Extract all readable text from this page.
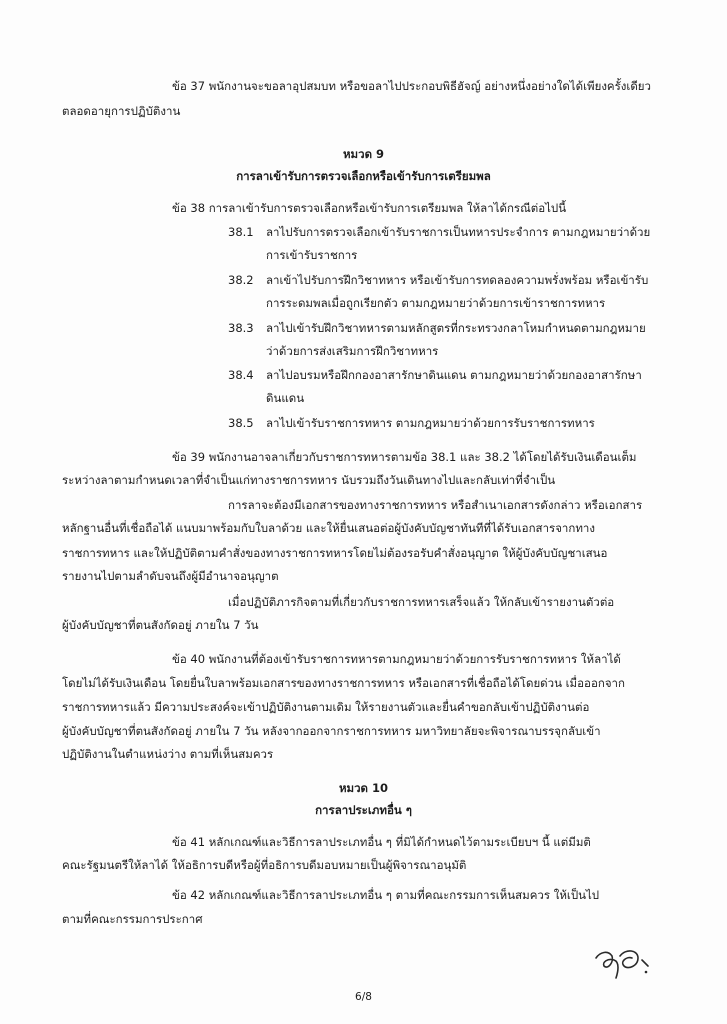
ข้อ 37 พนักงานจะขอลาอุปสมบท หรือขอลาไปประกอบพิธีฮัจญ์ อย่างหนึ่งอย่างใดได้เพียงครั้งเดียว
ตลอดอายุการปฏิบัติงาน
หมวด 9
การลาเข้ารับการตรวจเลือกหรือเข้ารับการเตรียมพล
ข้อ 38 การลาเข้ารับการตรวจเลือกหรือเข้ารับการเตรียมพล ให้ลาได้กรณีต่อไปนี้
38.1 ลาไปรับการตรวจเลือกเข้ารับราชการเป็นทหารประจำการ ตามกฎหมายว่าด้วย
การเข้ารับราชการ
38.2 ลาเข้าไปรับการฝึกวิชาทหาร หรือเข้ารับการทดลองความพรั่งพร้อม หรือเข้ารับ
การระดมพลเมื่อถูกเรียกตัว ตามกฎหมายว่าด้วยการเข้าราชการทหาร
38.3 ลาไปเข้ารับฝึกวิชาทหารตามหลักสูตรที่กระทรวงกลาโหมกำหนดตามกฎหมาย
ว่าด้วยการส่งเสริมการฝึกวิชาทหาร
38.4 ลาไปอบรมหรือฝึกกองอาสารักษาดินแดน ตามกฎหมายว่าด้วยกองอาสารักษา
ดินแดน
38.5 ลาไปเข้ารับราชการทหาร ตามกฎหมายว่าด้วยการรับราชการทหาร
ข้อ 39 พนักงานอาจลาเกี่ยวกับราชการทหารตามข้อ 38.1 และ 38.2 ได้โดยได้รับเงินเดือนเต็ม
ระหว่างลาตามกำหนดเวลาที่จำเป็นแก่ทางราชการทหาร นับรวมถึงวันเดินทางไปและกลับเท่าที่จำเป็น
การลาจะต้องมีเอกสารของทางราชการทหาร หรือสำเนาเอกสารดังกล่าว หรือเอกสาร
หลักฐานอื่นที่เชื่อถือได้ แนบมาพร้อมกับใบลาด้วย และให้ยื่นเสนอต่อผู้บังคับบัญชาทันทีที่ได้รับเอกสารจากทาง
ราชการทหาร และให้ปฏิบัติตามคำสั่งของทางราชการทหารโดยไม่ต้องรอรับคำสั่งอนุญาต ให้ผู้บังคับบัญชาเสนอ
รายงานไปตามลำดับจนถึงผู้มีอำนาจอนุญาต
เมื่อปฏิบัติภารกิจตามที่เกี่ยวกับราชการทหารเสร็จแล้ว ให้กลับเข้ารายงานตัวต่อ
ผู้บังคับบัญชาที่ตนสังกัดอยู่ ภายใน 7 วัน
ข้อ 40 พนักงานที่ต้องเข้ารับราชการทหารตามกฎหมายว่าด้วยการรับราชการทหาร ให้ลาได้
โดยไม่ได้รับเงินเดือน โดยยื่นใบลาพร้อมเอกสารของทางราชการทหาร หรือเอกสารที่เชื่อถือได้โดยด่วน เมื่อออกจาก
ราชการทหารแล้ว มีความประสงค์จะเข้าปฏิบัติงานตามเดิม ให้รายงานตัวและยื่นคำขอกลับเข้าปฏิบัติงานต่อ
ผู้บังคับบัญชาที่ตนสังกัดอยู่ ภายใน 7 วัน หลังจากออกจากราชการทหาร มหาวิทยาลัยจะพิจารณาบรรจุกลับเข้า
ปฏิบัติงานในตำแหน่งว่าง ตามที่เห็นสมควร
หมวด 10
การลาประเภทอื่น ๆ
ข้อ 41 หลักเกณฑ์และวิธีการลาประเภทอื่น ๆ ที่มิได้กำหนดไว้ตามระเบียบฯ นี้ แต่มีมติ
คณะรัฐมนตรีให้ลาได้ ให้อธิการบดีหรือผู้ที่อธิการบดีมอบหมายเป็นผู้พิจารณาอนุมัติ
ข้อ 42 หลักเกณฑ์และวิธีการลาประเภทอื่น ๆ ตามที่คณะกรรมการเห็นสมควร ให้เป็นไป
ตามที่คณะกรรมการประกาศ
6/8
